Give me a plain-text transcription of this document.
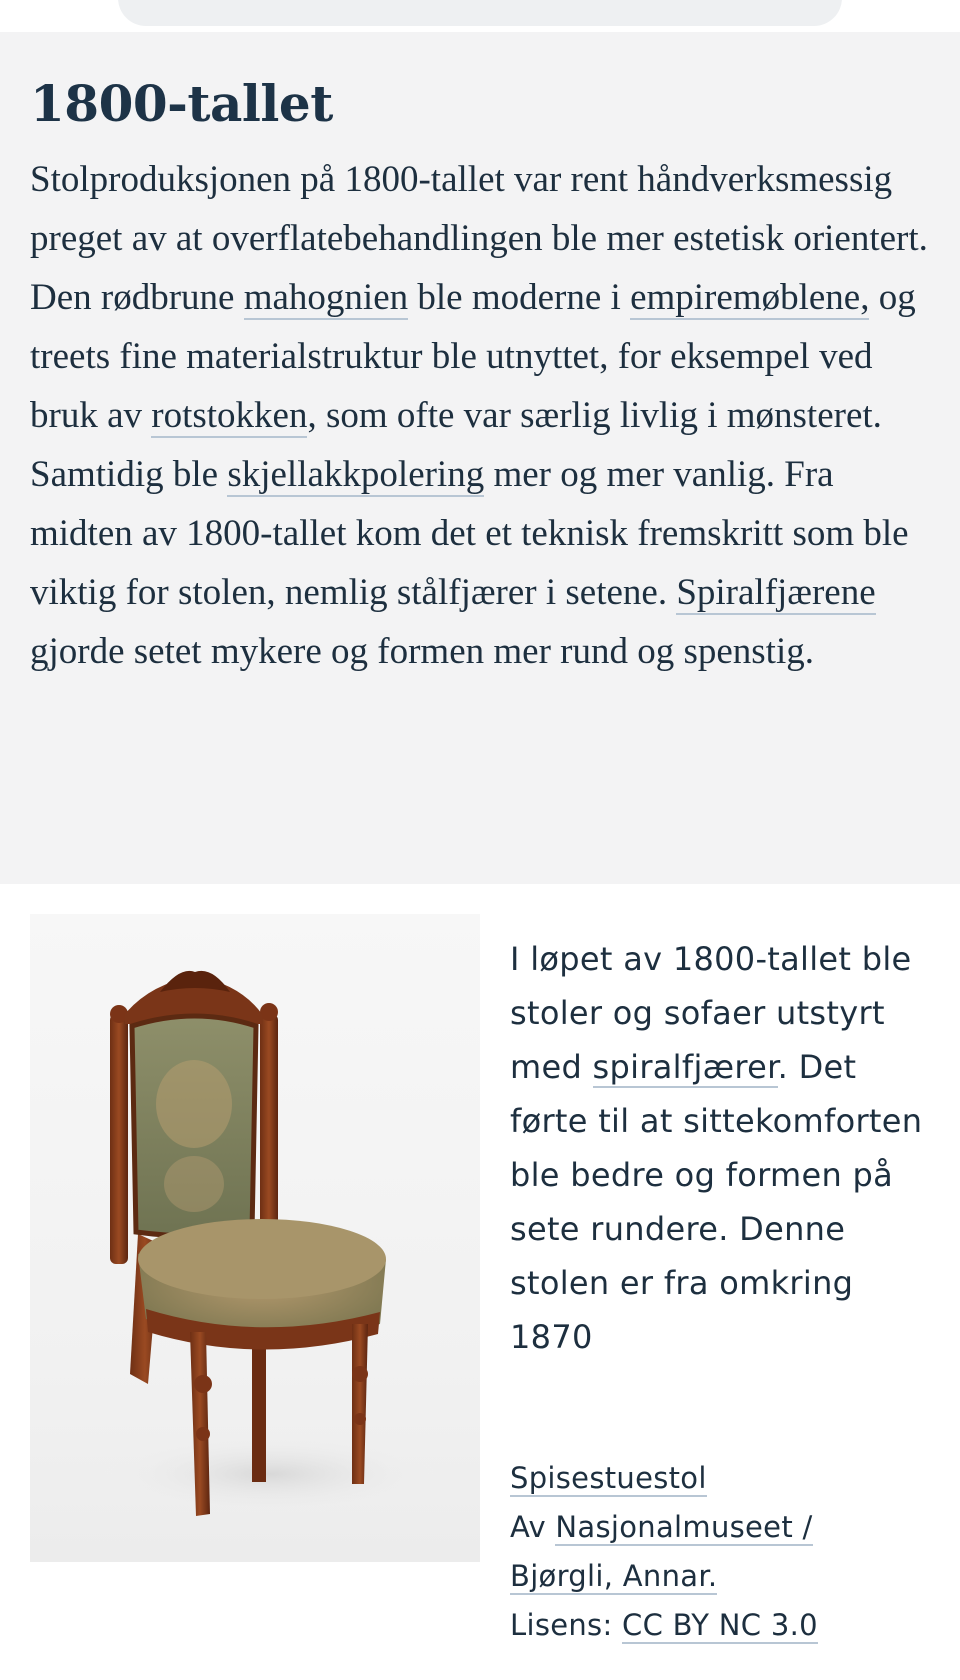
1800-tallet

Stolproduksjonen på 1800-tallet var rent håndverksmessig preget av at overflatebehandlingen ble mer estetisk orientert. Den rødbrune mahognien ble moderne i empiremøblene, og treets fine materialstruktur ble utnyttet, for eksempel ved bruk av rotstokken, som ofte var særlig livlig i mønsteret. Samtidig ble skjellakkpolering mer og mer vanlig. Fra midten av 1800-tallet kom det et teknisk fremskritt som ble viktig for stolen, nemlig stålfjærer i setene. Spiralfjærene gjorde setet mykere og formen mer rund og spenstig.

I løpet av 1800-tallet ble stoler og sofaer utstyrt med spiralfjærer. Det førte til at sittekomforten ble bedre og formen på sete rundere. Denne stolen er fra omkring 1870

Spisestuestol
Av Nasjonalmuseet /
Bjørgli, Annar.
Lisens: CC BY NC 3.0
